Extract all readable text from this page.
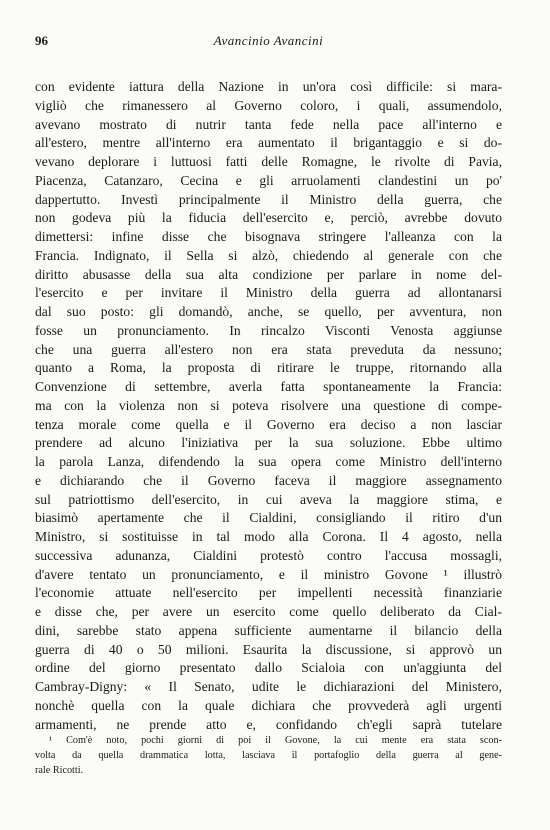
96	Avancinio Avancini
con evidente iattura della Nazione in un'ora così difficile: si mara-
vigliò che rimanessero al Governo coloro, i quali, assumendolo,
avevano mostrato di nutrir tanta fede nella pace all'interno e
all'estero, mentre all'interno era aumentato il brigantaggio e si do-
vevano deplorare i luttuosi fatti delle Romagne, le rivolte di Pavia,
Piacenza, Catanzaro, Cecina e gli arruolamenti clandestini un po'
dappertutto. Investì principalmente il Ministro della guerra, che
non godeva più la fiducia dell'esercito e, perciò, avrebbe dovuto
dimettersi: infine disse che bisognava stringere l'alleanza con la
Francia. Indignato, il Sella si alzò, chiedendo al generale con che
diritto abusasse della sua alta condizione per parlare in nome del-
l'esercito e per invitare il Ministro della guerra ad allontanarsi
dal suo posto: gli domandò, anche, se quello, per avventura, non
fosse un pronunciamento. In rincalzo Visconti Venosta aggiunse
che una guerra all'estero non era stata preveduta da nessuno;
quanto a Roma, la proposta di ritirare le truppe, ritornando alla
Convenzione di settembre, averla fatta spontaneamente la Francia:
ma con la violenza non si poteva risolvere una questione di compe-
tenza morale come quella e il Governo era deciso a non lasciar
prendere ad alcuno l'iniziativa per la sua soluzione. Ebbe ultimo
la parola Lanza, difendendo la sua opera come Ministro dell'interno
e dichiarando che il Governo faceva il maggiore assegnamento
sul patriottismo dell'esercito, in cui aveva la maggiore stima, e
biasimò apertamente che il Cialdini, consigliando il ritiro d'un
Ministro, si sostituisse in tal modo alla Corona. Il 4 agosto, nella
successiva adunanza, Cialdini protestò contro l'accusa mossagli,
d'avere tentato un pronunciamento, e il ministro Govone ¹ illustrò
l'economie attuate nell'esercito per impellenti necessità finanziarie
e disse che, per avere un esercito come quello deliberato da Cial-
dini, sarebbe stato appena sufficiente aumentarne il bilancio della
guerra di 40 o 50 milioni. Esaurita la discussione, si approvò un
ordine del giorno presentato dallo Scialoia con un'aggiunta del
Cambray-Digny: « Il Senato, udite le dichiarazioni del Ministero,
nonchè quella con la quale dichiara che provvederà agli urgenti
armamenti, ne prende atto e, confidando ch'egli saprà tutelare
¹ Com'è noto, pochi giorni di poi il Govone, la cui mente era stata scon-
volta da quella drammatica lotta, lasciava il portafoglio della guerra al gene-
rale Ricotti.
